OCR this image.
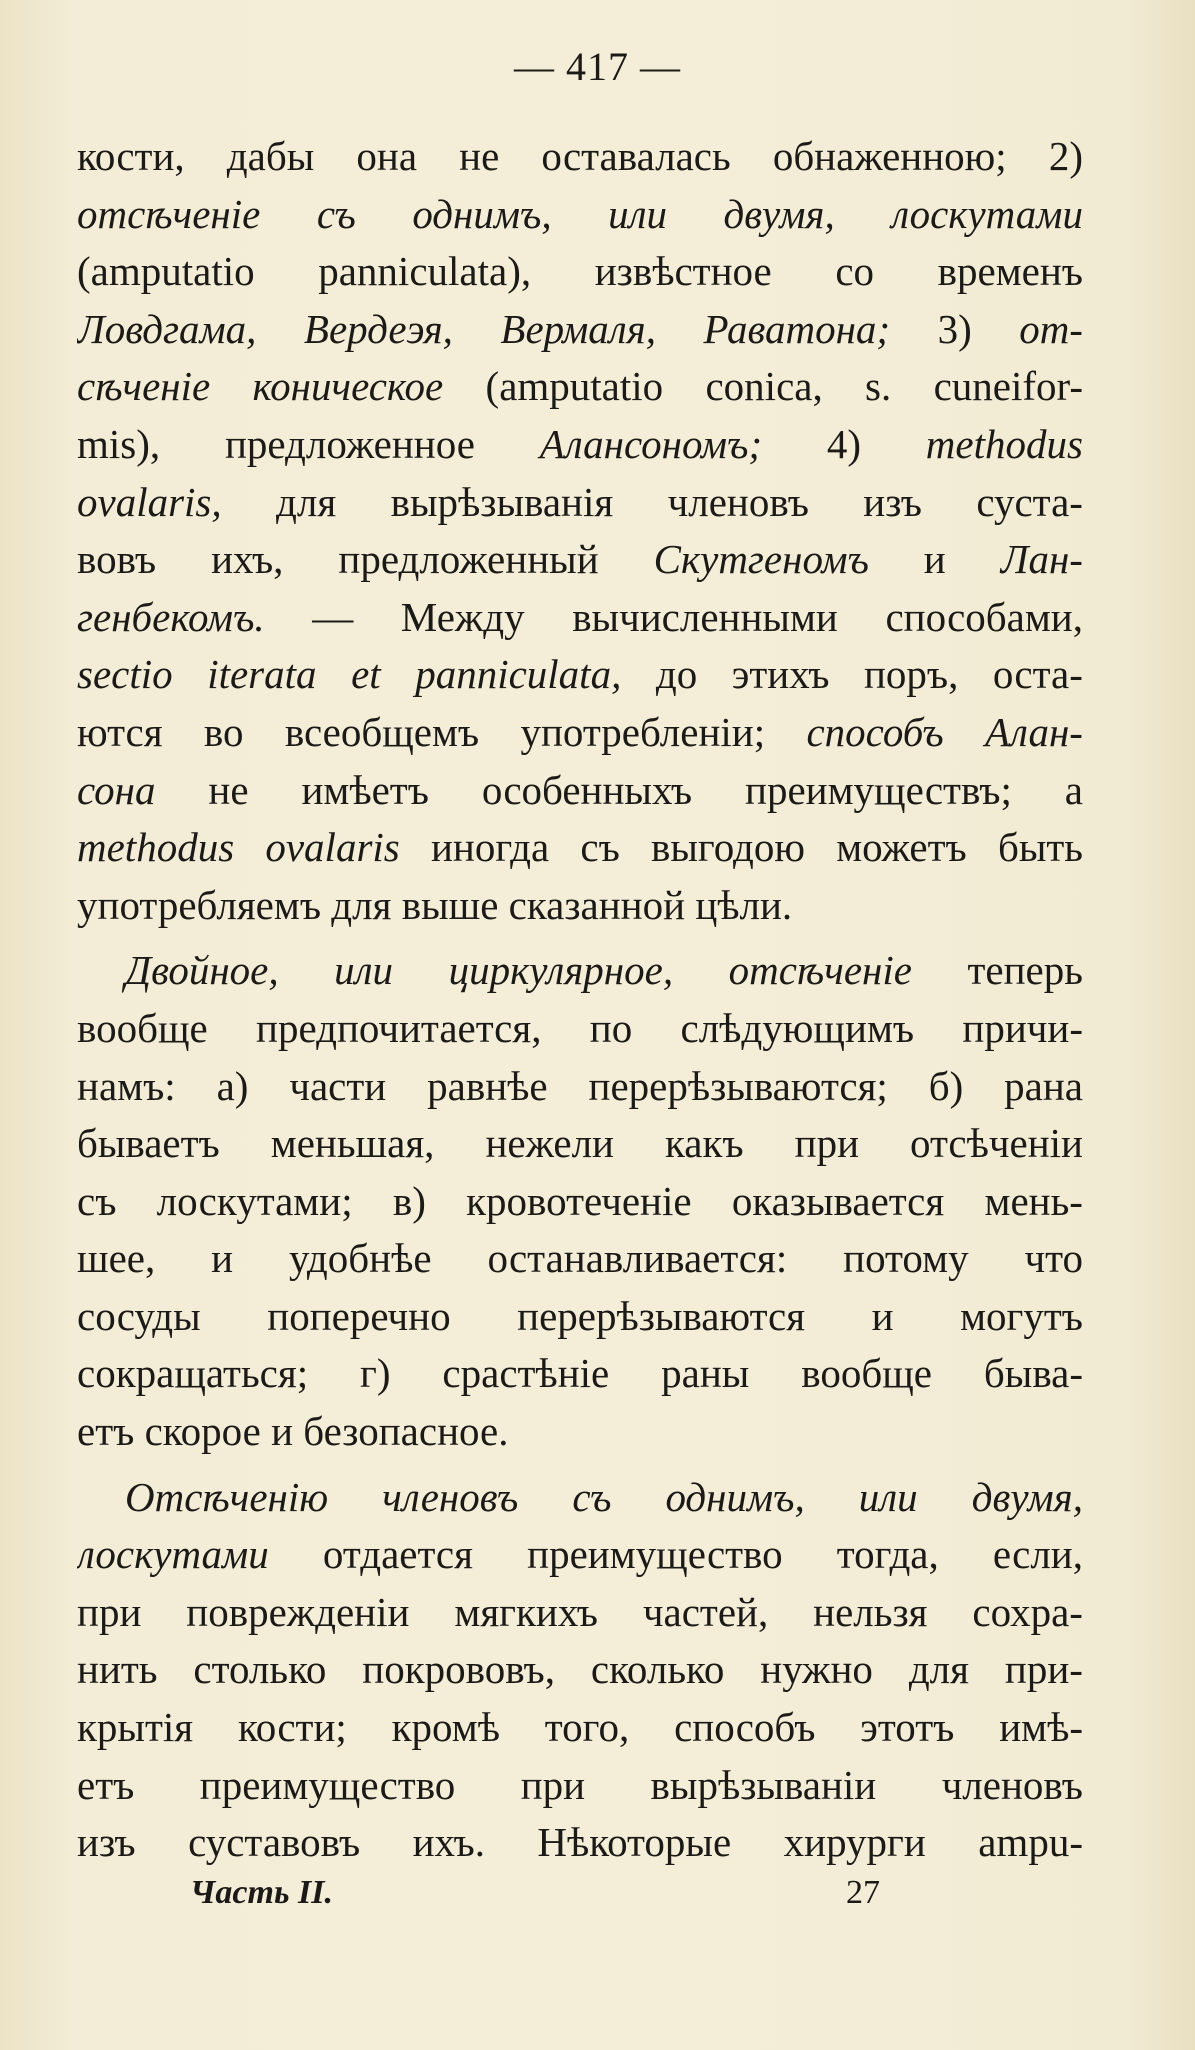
— 417 —
кости, дабы она не оставалась обнаженною; 2)
отсѣченіе съ однимъ, или двумя, лоскутами
(amputatio panniculata), извѣстное со временъ
Ловдгама, Вердеэя, Вермаля, Раватона; 3) от-
сѣченіе коническое (amputatio conica, s. cuneifor-
mis), предложенное Алансономъ; 4) methodus
ovalaris, для вырѣзыванія членовъ изъ суста-
вовъ ихъ, предложенный Скутгеномъ и Лан-
генбекомъ. — Между вычисленными способами,
sectio iterata et panniculata, до этихъ поръ, оста-
ются во всеобщемъ употребленіи; способъ Алан-
сона не имѣетъ особенныхъ преимуществъ; а
methodus ovalaris иногда съ выгодою можетъ быть
употребляемъ для выше сказанной цѣли.
Двойное, или циркулярное, отсѣченіе теперь
вообще предпочитается, по слѣдующимъ причи-
намъ: а) части равнѣе перерѣзываются; б) рана
бываетъ меньшая, нежели какъ при отсѣченіи
съ лоскутами; в) кровотеченіе оказывается мень-
шее, и удобнѣе останавливается: потому что
сосуды поперечно перерѣзываются и могутъ
сокращаться; г) срастѣніе раны вообще быва-
етъ скорое и безопасное.
Отсѣченію членовъ съ однимъ, или двумя,
лоскутами отдается преимущество тогда, если,
при поврежденіи мягкихъ частей, нельзя сохра-
нить столько покрововъ, сколько нужно для при-
крытія кости; кромѣ того, способъ этотъ имѣ-
етъ преимущество при вырѣзываніи членовъ
изъ суставовъ ихъ. Нѣкоторые хирурги ampu-
Часть II.	27
